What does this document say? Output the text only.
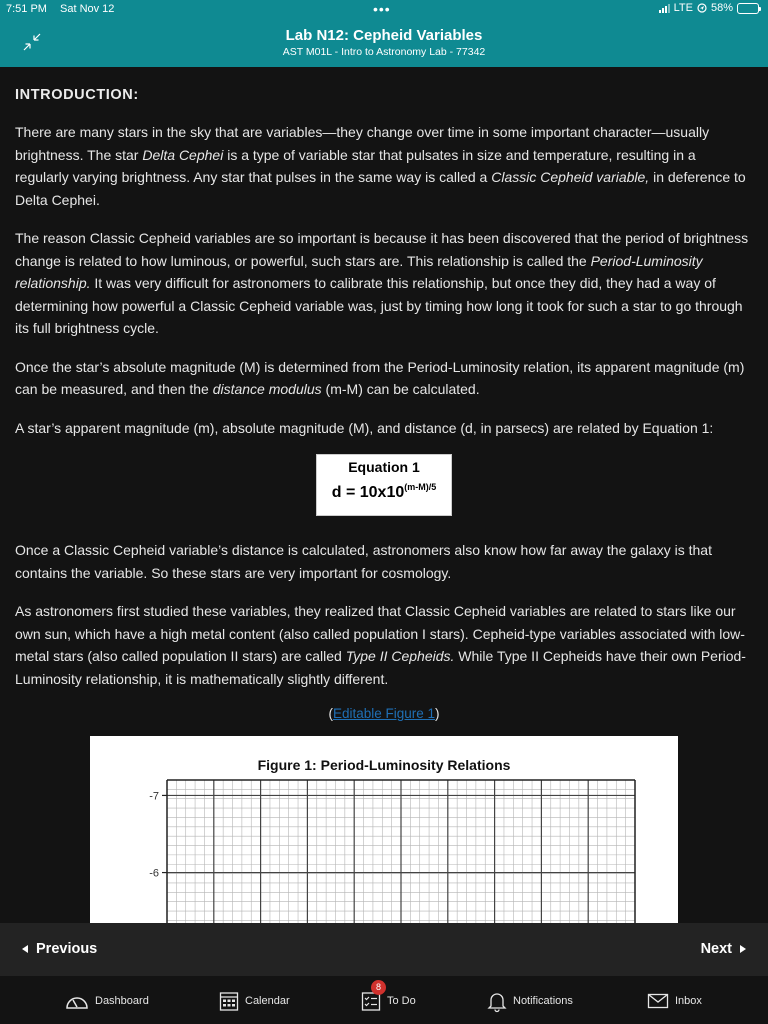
7:51 PM Sat Nov 12	•••	LTE 58%
Lab N12: Cepheid Variables
AST M01L - Intro to Astronomy Lab - 77342
INTRODUCTION:

There are many stars in the sky that are variables—they change over time in some important character—usually brightness. The star Delta Cephei is a type of variable star that pulsates in size and temperature, resulting in a regularly varying brightness. Any star that pulses in the same way is called a Classic Cepheid variable, in deference to Delta Cephei.

The reason Classic Cepheid variables are so important is because it has been discovered that the period of brightness change is related to how luminous, or powerful, such stars are. This relationship is called the Period-Luminosity relationship. It was very difficult for astronomers to calibrate this relationship, but once they did, they had a way of determining how powerful a Classic Cepheid variable was, just by timing how long it took for such a star to go through its full brightness cycle.

Once the star’s absolute magnitude (M) is determined from the Period-Luminosity relation, its apparent magnitude (m) can be measured, and then the distance modulus (m-M) can be calculated.

A star’s apparent magnitude (m), absolute magnitude (M), and distance (d, in parsecs) are related by Equation 1:

Equation 1
$d = 10x10^{(m-M)/5}$

Once a Classic Cepheid variable’s distance is calculated, astronomers also know how far away the galaxy is that contains the variable. So these stars are very important for cosmology.

As astronomers first studied these variables, they realized that Classic Cepheid variables are related to stars like our own sun, which have a high metal content (also called population I stars). Cepheid-type variables associated with low-metal stars (also called population II stars) are called Type II Cepheids. While Type II Cepheids have their own Period-Luminosity relationship, it is mathematically slightly different.

(Editable Figure 1)
Figure 1: Period-Luminosity Relations
-7
-6
Previous	Next
Dashboard	Calendar
8
To Do	Notifications	Inbox
